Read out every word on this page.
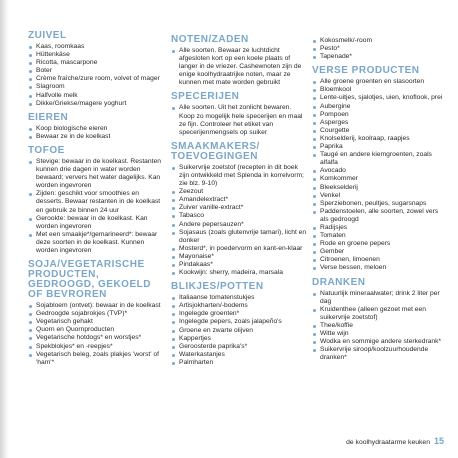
ZUIVEL
Kaas, roomkaas
Hüttenkäse
Ricotta, mascarpone
Boter
Crème fraîche/zure room, volvet of mager
Slagroom
Halfvolle melk
Dikke/Griekse/magere yoghurt
EIEREN
Koop biologische eieren
Bewaar ze in de koelkast
TOFOE
Stevige: bewaar in de koelkast. Restanten kunnen drie dagen in water worden bewaard; ververs het water dagelijks. Kan worden ingevroren
Zijden: geschikt voor smoothies en desserts. Bewaar restanten in de koelkast en gebruik ze binnen 24 uur
Gerookte: bewaar in de koelkast. Kan worden ingevroren
Met een smaakje*/gemarineerd*: bewaar deze soorten in de koelkast. Kunnen worden ingevroren
SOJA/VEGETARISCHE PRODUCTEN, GEDROOGD, GEKOELD OF BEVROREN
Sojabloem (ontvet): bewaar in de koelkast
Gedroogde sojabrokjes (TVP)*
Vegetarisch gehakt
Quorn en Quornproducten
Vegetarische hotdogs* en worstjes*
Spekblokjes* en -reepjes*
Vegetarisch beleg, zoals plakjes 'worst' of 'ham'*
NOTEN/ZADEN
Alle soorten. Bewaar ze luchtdicht afgesloten kort op een koele plaats of langer in de vriezer. Cashewnoten zijn de enige koolhydraatrijke noten, maar ze kunnen met mate worden gebruikt
SPECERIJEN
Alle soorten. Uit het zonlicht bewaren. Koop zo mogelijk hele specerijen en maal ze fijn. Controleer het etiket van specerijenmengsels op suiker
SMAAKMAKERS/ TOEVOEGINGEN
Suikervrije zoetstof (recepten in dit boek zijn ontwikkeld met Splenda in korrelvorm; zie blz. 9-10)
Zeezout
Amandelextract*
Zuiver vanille-extract*
Tabasco
Andere pepersauzen*
Sojasaus (zoals glutenvrije tamari), licht en donker
Mosterd*, in poedervorm en kant-en-klaar
Mayonaise*
Pindakaas*
Kookwijn: sherry, madeira, marsala
BLIKJES/POTTEN
Italiaanse tomatenstukjes
Artisjokharten/-bodems
Ingelegde groenten*
Ingelegde pepers, zoals jalapeño's
Groene en zwarte olijven
Kappertjes
Geroosterde paprika's*
Waterkastanjes
Palmharten
Kokosmelk/-room
Pesto*
Tapenade*
VERSE PRODUCTEN
Alle groene groenten en slasoorten
Bloemkool
Lente-uitjes, sjalotjes, uien, knoflook, prei
Aubergine
Pompoen
Asperges
Courgette
Knolselderij, koolraap, raapjes
Paprika
Taugé en andere kiemgroenten, zoals alfalfa
Avocado
Komkommer
Bleekselderij
Venkel
Sperziebonen, peultjes, sugarsnaps
Paddenstoelen, alle soorten, zowel vers als gedroogd
Radijsjes
Tomaten
Rode en groene pepers
Gember
Citroenen, limoenen
Verse bessen, meloen
DRANKEN
Natuurlijk mineraalwater; drink 2 liter per dag
Kruidenthee (alleen gezoet met een suikervrije zoetstof)
Thee/koffie
Witte wijn
Wodka en sommige andere sterkedrank*
Suikervrije siroop/koolzuurhoudende dranken*
de koolhydraatarme keuken 15
